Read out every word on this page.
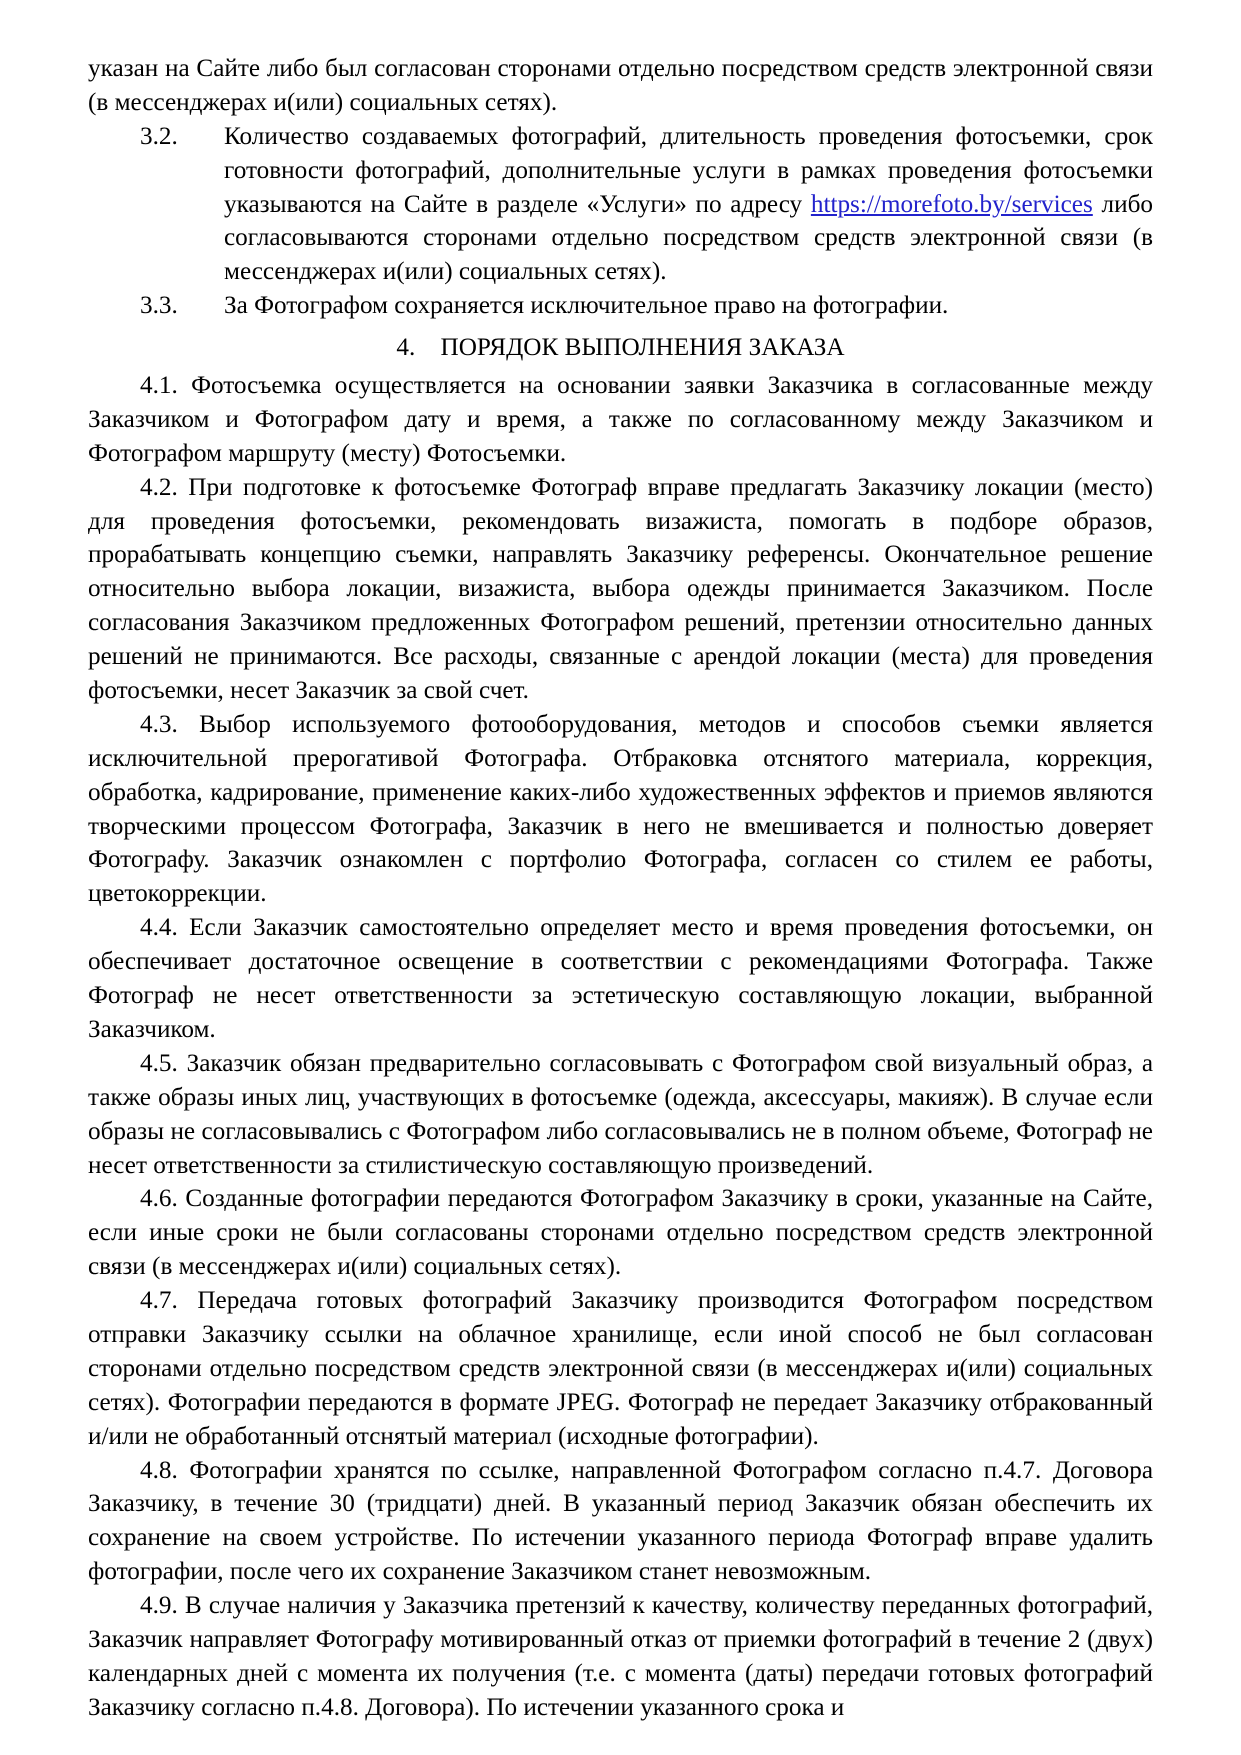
указан на Сайте либо был согласован сторонами отдельно посредством средств электронной связи (в мессенджерах и(или) социальных сетях).

3.2.	Количество создаваемых фотографий, длительность проведения фотосъемки, срок готовности фотографий, дополнительные услуги в рамках проведения фотосъемки указываются на Сайте в разделе «Услуги» по адресу https://morefoto.by/services либо согласовываются сторонами отдельно посредством средств электронной связи (в мессенджерах и(или) социальных сетях).
3.3.	За Фотографом сохраняется исключительное право на фотографии.
4. ПОРЯДОК ВЫПОЛНЕНИЯ ЗАКАЗА

4.1. Фотосъемка осуществляется на основании заявки Заказчика в согласованные между Заказчиком и Фотографом дату и время, а также по согласованному между Заказчиком и Фотографом маршруту (месту) Фотосъемки.

4.2. При подготовке к фотосъемке Фотограф вправе предлагать Заказчику локации (место) для проведения фотосъемки, рекомендовать визажиста, помогать в подборе образов, прорабатывать концепцию съемки, направлять Заказчику референсы. Окончательное решение относительно выбора локации, визажиста, выбора одежды принимается Заказчиком. После согласования Заказчиком предложенных Фотографом решений, претензии относительно данных решений не принимаются. Все расходы, связанные с арендой локации (места) для проведения фотосъемки, несет Заказчик за свой счет.

4.3. Выбор используемого фотооборудования, методов и способов съемки является исключительной прерогативой Фотографа. Отбраковка отснятого материала, коррекция, обработка, кадрирование, применение каких-либо художественных эффектов и приемов являются творческими процессом Фотографа, Заказчик в него не вмешивается и полностью доверяет Фотографу. Заказчик ознакомлен с портфолио Фотографа, согласен со стилем ее работы, цветокоррекции.

4.4. Если Заказчик самостоятельно определяет место и время проведения фотосъемки, он обеспечивает достаточное освещение в соответствии с рекомендациями Фотографа. Также Фотограф не несет ответственности за эстетическую составляющую локации, выбранной Заказчиком.

4.5. Заказчик обязан предварительно согласовывать с Фотографом свой визуальный образ, а также образы иных лиц, участвующих в фотосъемке (одежда, аксессуары, макияж). В случае если образы не согласовывались с Фотографом либо согласовывались не в полном объеме, Фотограф не несет ответственности за стилистическую составляющую произведений.

4.6. Созданные фотографии передаются Фотографом Заказчику в сроки, указанные на Сайте, если иные сроки не были согласованы сторонами отдельно посредством средств электронной связи (в мессенджерах и(или) социальных сетях).

4.7. Передача готовых фотографий Заказчику производится Фотографом посредством отправки Заказчику ссылки на облачное хранилище, если иной способ не был согласован сторонами отдельно посредством средств электронной связи (в мессенджерах и(или) социальных сетях). Фотографии передаются в формате JPEG. Фотограф не передает Заказчику отбракованный и/или не обработанный отснятый материал (исходные фотографии).

4.8. Фотографии хранятся по ссылке, направленной Фотографом согласно п.4.7. Договора Заказчику, в течение 30 (тридцати) дней. В указанный период Заказчик обязан обеспечить их сохранение на своем устройстве. По истечении указанного периода Фотограф вправе удалить фотографии, после чего их сохранение Заказчиком станет невозможным.

4.9. В случае наличия у Заказчика претензий к качеству, количеству переданных фотографий, Заказчик направляет Фотографу мотивированный отказ от приемки фотографий в течение 2 (двух) календарных дней с момента их получения (т.е. с момента (даты) передачи готовых фотографий Заказчику согласно п.4.8. Договора). По истечении указанного срока и
